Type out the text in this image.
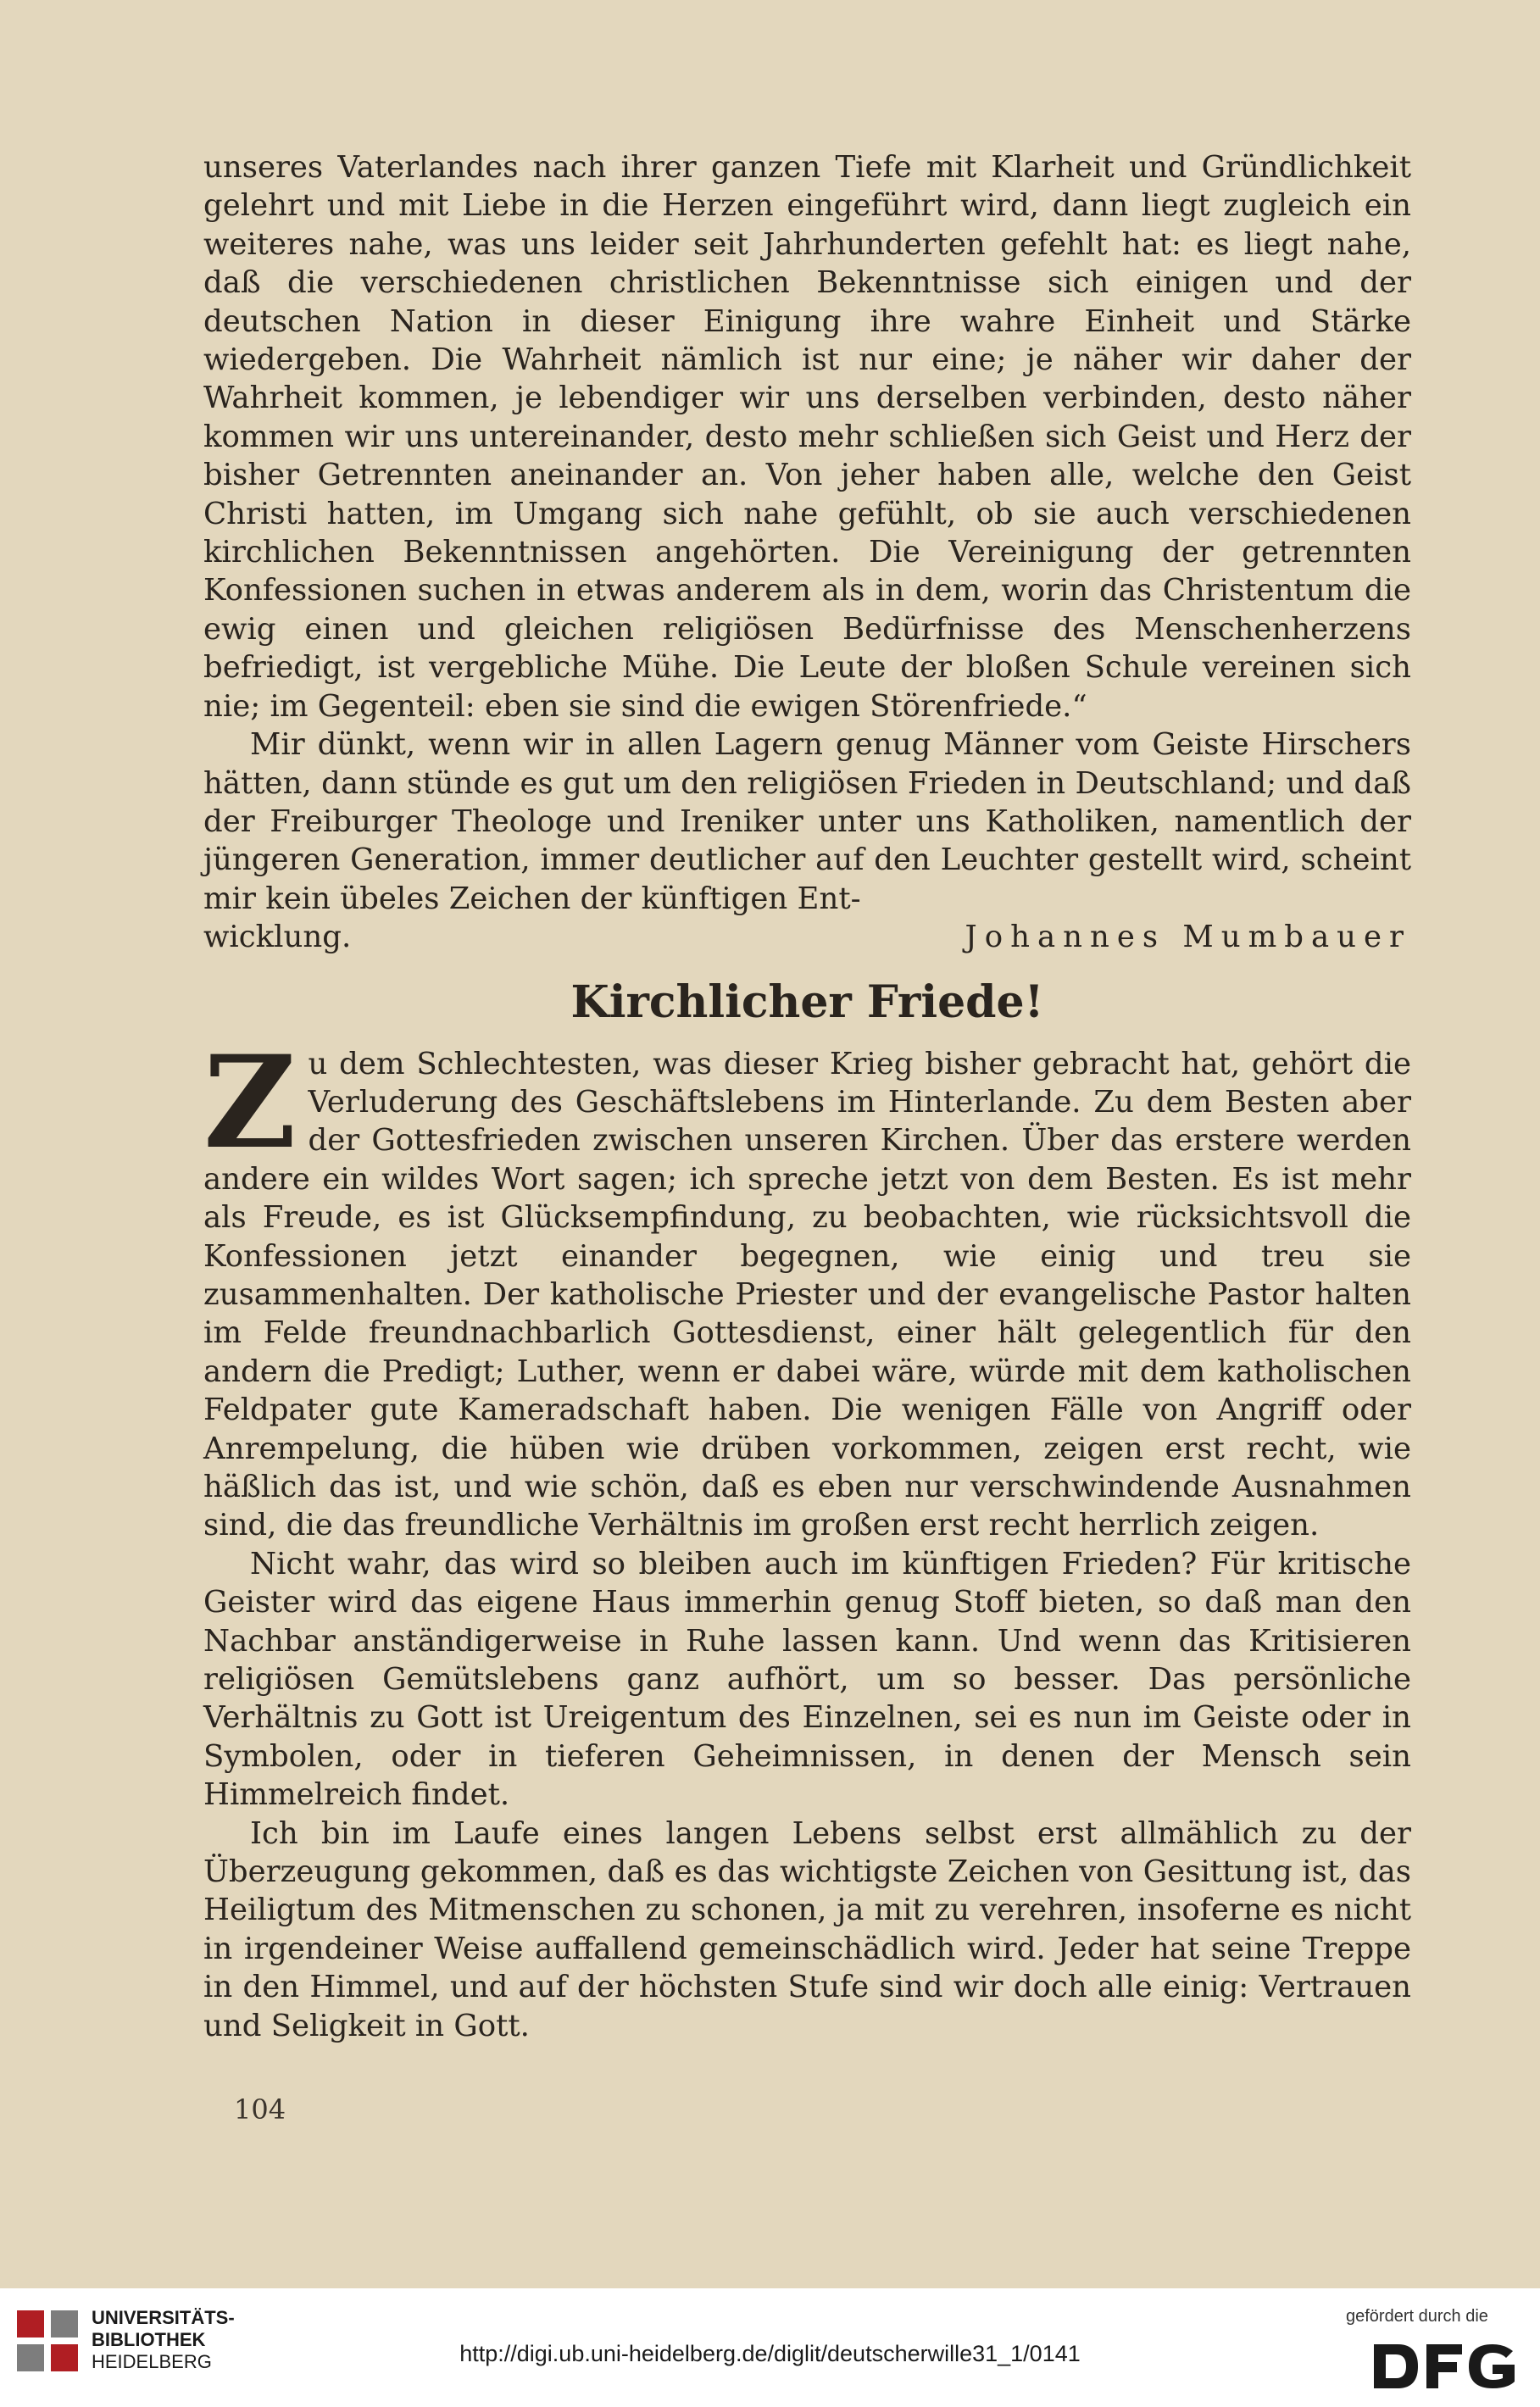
unseres Vaterlandes nach ihrer ganzen Tiefe mit Klarheit und Gründlichkeit gelehrt und mit Liebe in die Herzen eingeführt wird, dann liegt zugleich ein weiteres nahe, was uns leider seit Jahrhunderten gefehlt hat: es liegt nahe, daß die verschiedenen christlichen Bekenntnisse sich einigen und der deutschen Nation in dieser Einigung ihre wahre Einheit und Stärke wiedergeben. Die Wahrheit nämlich ist nur eine; je näher wir daher der Wahrheit kommen, je lebendiger wir uns derselben verbinden, desto näher kommen wir uns untereinander, desto mehr schließen sich Geist und Herz der bisher Getrennten aneinander an. Von jeher haben alle, welche den Geist Christi hatten, im Umgang sich nahe gefühlt, ob sie auch verschiedenen kirchlichen Bekenntnissen angehörten. Die Vereinigung der getrennten Konfessionen suchen in etwas anderem als in dem, worin das Christentum die ewig einen und gleichen religiösen Bedürfnisse des Menschenherzens befriedigt, ist vergebliche Mühe. Die Leute der bloßen Schule vereinen sich nie; im Gegenteil: eben sie sind die ewigen Störenfriede.“

Mir dünkt, wenn wir in allen Lagern genug Männer vom Geiste Hirschers hätten, dann stünde es gut um den religiösen Frieden in Deutschland; und daß der Freiburger Theologe und Ireniker unter uns Katholiken, namentlich der jüngeren Generation, immer deutlicher auf den Leuchter gestellt wird, scheint mir kein übeles Zeichen der künftigen Ent-

wicklung.	Johannes Mumbauer

Kirchlicher Friede!

Zu dem Schlechtesten, was dieser Krieg bisher gebracht hat, gehört die Verluderung des Geschäftslebens im Hinterlande. Zu dem Besten aber der Gottesfrieden zwischen unseren Kirchen. Über das erstere werden andere ein wildes Wort sagen; ich spreche jetzt von dem Besten. Es ist mehr als Freude, es ist Glücksempfindung, zu beobachten, wie rücksichtsvoll die Konfessionen jetzt einander begegnen, wie einig und treu sie zusammenhalten. Der katholische Priester und der evangelische Pastor halten im Felde freundnachbarlich Gottesdienst, einer hält gelegentlich für den andern die Predigt; Luther, wenn er dabei wäre, würde mit dem katholischen Feldpater gute Kameradschaft haben. Die wenigen Fälle von Angriff oder Anrempelung, die hüben wie drüben vorkommen, zeigen erst recht, wie häßlich das ist, und wie schön, daß es eben nur verschwindende Ausnahmen sind, die das freundliche Verhältnis im großen erst recht herrlich zeigen.

Nicht wahr, das wird so bleiben auch im künftigen Frieden? Für kritische Geister wird das eigene Haus immerhin genug Stoff bieten, so daß man den Nachbar anständigerweise in Ruhe lassen kann. Und wenn das Kritisieren religiösen Gemütslebens ganz aufhört, um so besser. Das persönliche Verhältnis zu Gott ist Ureigentum des Einzelnen, sei es nun im Geiste oder in Symbolen, oder in tieferen Geheimnissen, in denen der Mensch sein Himmelreich findet.

Ich bin im Laufe eines langen Lebens selbst erst allmählich zu der Überzeugung gekommen, daß es das wichtigste Zeichen von Gesittung ist, das Heiligtum des Mitmenschen zu schonen, ja mit zu verehren, insoferne es nicht in irgendeiner Weise auffallend gemeinschädlich wird. Jeder hat seine Treppe in den Himmel, und auf der höchsten Stufe sind wir doch alle einig: Vertrauen und Seligkeit in Gott.

104
UNIVERSITÄTS-
BIBLIOTHEK
HEIDELBERG	http://digi.ub.uni-heidelberg.de/diglit/deutscherwille31_1/0141
gefördert durch die
